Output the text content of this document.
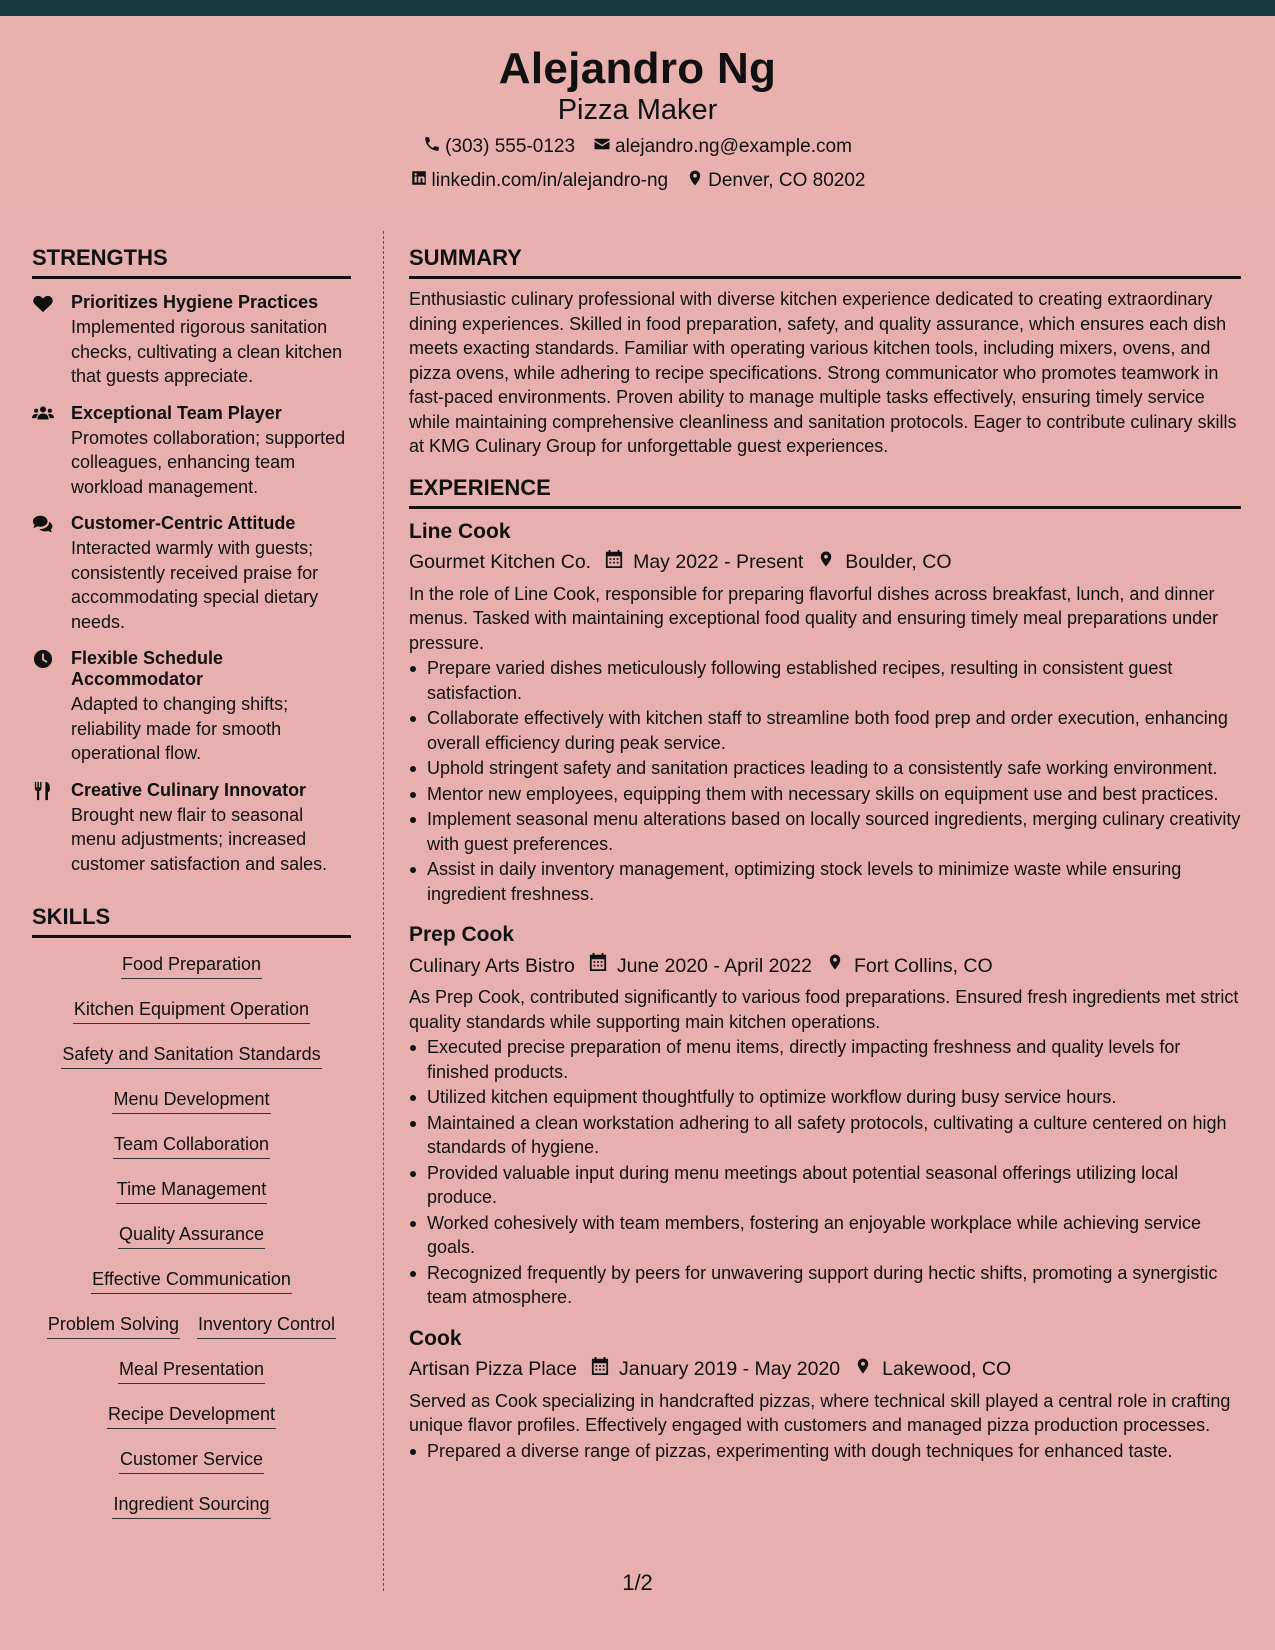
Alejandro Ng
Pizza Maker
(303) 555-0123 alejandro.ng@example.com
linkedin.com/in/alejandro-ng Denver, CO 80202
STRENGTHS
Prioritizes Hygiene Practices
Implemented rigorous sanitation checks, cultivating a clean kitchen that guests appreciate.
Exceptional Team Player
Promotes collaboration; supported colleagues, enhancing team workload management.
Customer-Centric Attitude
Interacted warmly with guests; consistently received praise for accommodating special dietary needs.
Flexible Schedule Accommodator
Adapted to changing shifts; reliability made for smooth operational flow.
Creative Culinary Innovator
Brought new flair to seasonal menu adjustments; increased customer satisfaction and sales.
SKILLS
Food Preparation
Kitchen Equipment Operation
Safety and Sanitation Standards
Menu Development
Team Collaboration
Time Management
Quality Assurance
Effective Communication
Problem Solving Inventory Control
Meal Presentation
Recipe Development
Customer Service
Ingredient Sourcing
SUMMARY
Enthusiastic culinary professional with diverse kitchen experience dedicated to creating extraordinary dining experiences. Skilled in food preparation, safety, and quality assurance, which ensures each dish meets exacting standards. Familiar with operating various kitchen tools, including mixers, ovens, and pizza ovens, while adhering to recipe specifications. Strong communicator who promotes teamwork in fast-paced environments. Proven ability to manage multiple tasks effectively, ensuring timely service while maintaining comprehensive cleanliness and sanitation protocols. Eager to contribute culinary skills at KMG Culinary Group for unforgettable guest experiences.
EXPERIENCE
Line Cook
Gourmet Kitchen Co. May 2022 - Present Boulder, CO
In the role of Line Cook, responsible for preparing flavorful dishes across breakfast, lunch, and dinner menus. Tasked with maintaining exceptional food quality and ensuring timely meal preparations under pressure.
Prepare varied dishes meticulously following established recipes, resulting in consistent guest satisfaction.
Collaborate effectively with kitchen staff to streamline both food prep and order execution, enhancing overall efficiency during peak service.
Uphold stringent safety and sanitation practices leading to a consistently safe working environment.
Mentor new employees, equipping them with necessary skills on equipment use and best practices.
Implement seasonal menu alterations based on locally sourced ingredients, merging culinary creativity with guest preferences.
Assist in daily inventory management, optimizing stock levels to minimize waste while ensuring ingredient freshness.
Prep Cook
Culinary Arts Bistro June 2020 - April 2022 Fort Collins, CO
As Prep Cook, contributed significantly to various food preparations. Ensured fresh ingredients met strict quality standards while supporting main kitchen operations.
Executed precise preparation of menu items, directly impacting freshness and quality levels for finished products.
Utilized kitchen equipment thoughtfully to optimize workflow during busy service hours.
Maintained a clean workstation adhering to all safety protocols, cultivating a culture centered on high standards of hygiene.
Provided valuable input during menu meetings about potential seasonal offerings utilizing local produce.
Worked cohesively with team members, fostering an enjoyable workplace while achieving service goals.
Recognized frequently by peers for unwavering support during hectic shifts, promoting a synergistic team atmosphere.
Cook
Artisan Pizza Place January 2019 - May 2020 Lakewood, CO
Served as Cook specializing in handcrafted pizzas, where technical skill played a central role in crafting unique flavor profiles. Effectively engaged with customers and managed pizza production processes.
Prepared a diverse range of pizzas, experimenting with dough techniques for enhanced taste.
1/2
